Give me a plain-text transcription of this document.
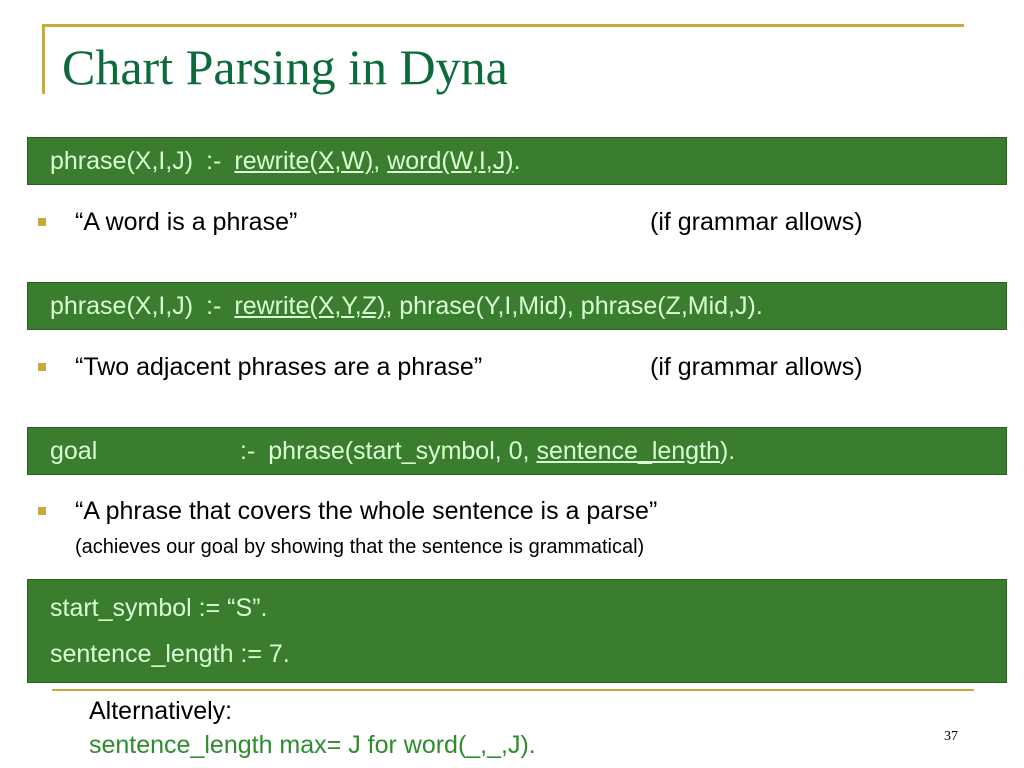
Chart Parsing in Dyna
phrase(X,I,J) :- rewrite(X,W), word(W,I,J).
“A word is a phrase”	(if grammar allows)
phrase(X,I,J) :- rewrite(X,Y,Z), phrase(Y,I,Mid), phrase(Z,Mid,J).
“Two adjacent phrases are a phrase”	(if grammar allows)
goal	:- phrase(start_symbol, 0, sentence_length).
“A phrase that covers the whole sentence is a parse”
(achieves our goal by showing that the sentence is grammatical)
start_symbol := “S”.
sentence_length := 7.
Alternatively:
sentence_length max= J for word(_,_,J).	37
